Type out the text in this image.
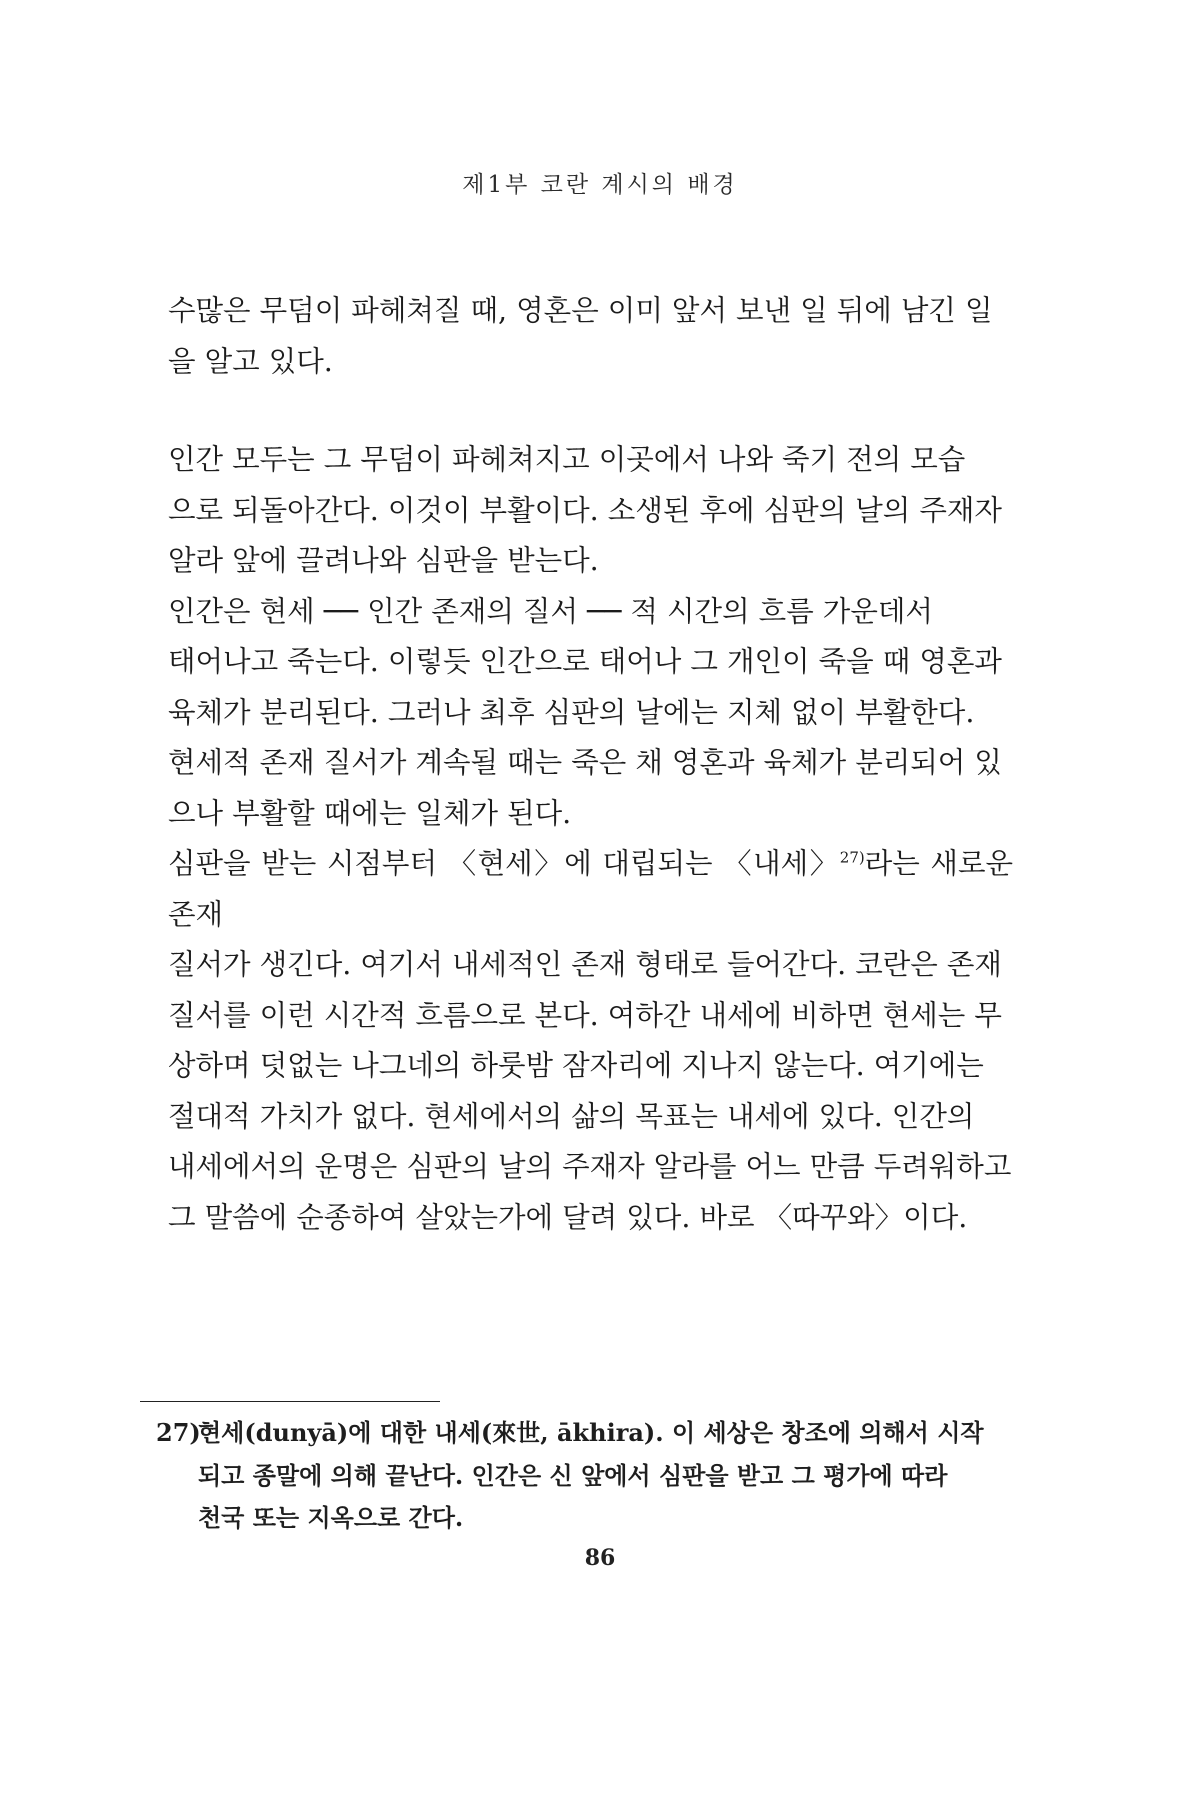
제1부 코란 계시의 배경

수많은 무덤이 파헤쳐질 때, 영혼은 이미 앞서 보낸 일 뒤에 남긴 일

을 알고 있다.

인간 모두는 그 무덤이 파헤쳐지고 이곳에서 나와 죽기 전의 모습

으로 되돌아간다. 이것이 부활이다. 소생된 후에 심판의 날의 주재자

알라 앞에 끌려나와 심판을 받는다.

인간은 현세 ── 인간 존재의 질서 ── 적 시간의 흐름 가운데서

태어나고 죽는다. 이렇듯 인간으로 태어나 그 개인이 죽을 때 영혼과

육체가 분리된다. 그러나 최후 심판의 날에는 지체 없이 부활한다.

현세적 존재 질서가 계속될 때는 죽은 채 영혼과 육체가 분리되어 있

으나 부활할 때에는 일체가 된다.

심판을 받는 시점부터 〈현세〉에 대립되는 〈내세〉$^{27)}$라는 새로운 존재

질서가 생긴다. 여기서 내세적인 존재 형태로 들어간다. 코란은 존재

질서를 이런 시간적 흐름으로 본다. 여하간 내세에 비하면 현세는 무

상하며 덧없는 나그네의 하룻밤 잠자리에 지나지 않는다. 여기에는

절대적 가치가 없다. 현세에서의 삶의 목표는 내세에 있다. 인간의

내세에서의 운명은 심판의 날의 주재자 알라를 어느 만큼 두려워하고

그 말씀에 순종하여 살았는가에 달려 있다. 바로 〈따꾸와〉이다.

27)현세(dunyā)에 대한 내세(來世, ākhira). 이 세상은 창조에 의해서 시작
되고 종말에 의해 끝난다. 인간은 신 앞에서 심판을 받고 그 평가에 따라
천국 또는 지옥으로 간다.
86
